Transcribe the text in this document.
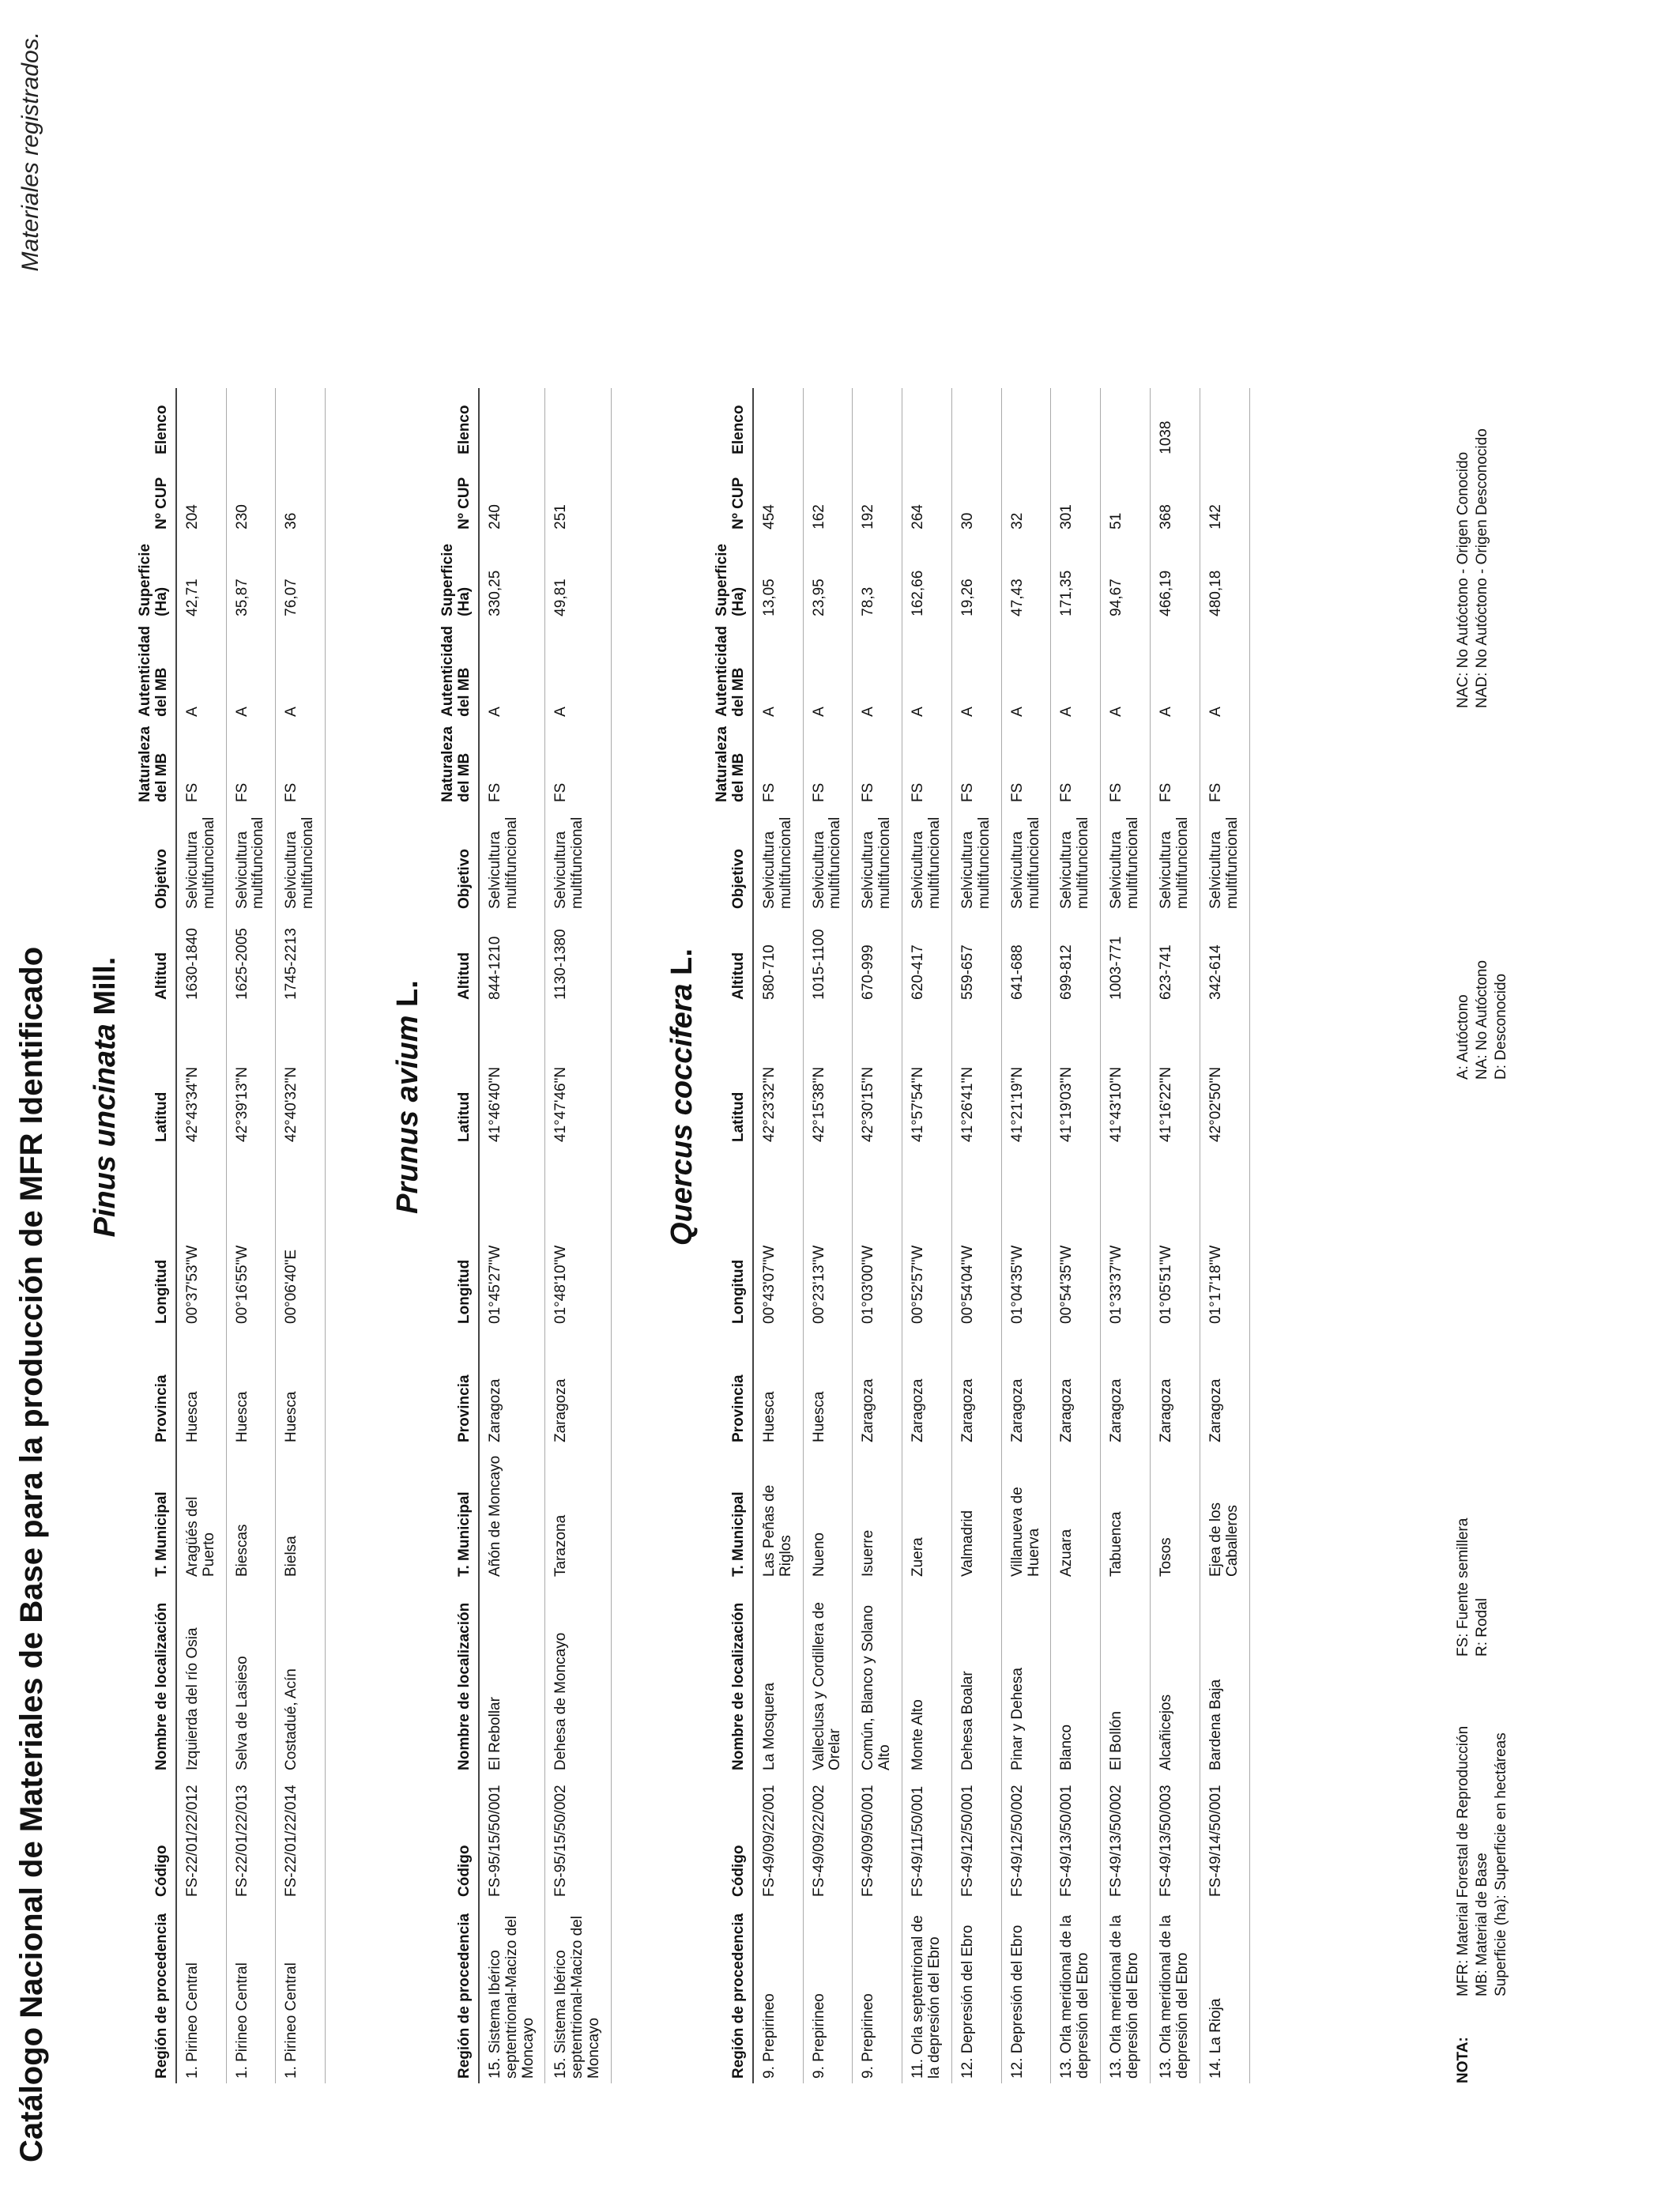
Catálogo Nacional de Materiales de Base para la producción de MFR Identificado
Materiales registrados.
Pinus uncinata Mill.
Región de procedencia	Código	Nombre de localización	T. Municipal	Provincia	Longitud	Latitud	Altitud	Objetivo	Naturaleza del MB	Autenticidad del MB	Superficie (Ha)	Nº CUP	Elenco
1. Pirineo Central	FS-22/01/22/012	Izquierda del río Osia	Aragüés del Puerto	Huesca	00°37'53"W	42°43'34"N	1630-1840	Selvicultura multifuncional	FS	A	42,71	204	
1. Pirineo Central	FS-22/01/22/013	Selva de Lasieso	Biescas	Huesca	00°16'55"W	42°39'13"N	1625-2005	Selvicultura multifuncional	FS	A	35,87	230	
1. Pirineo Central	FS-22/01/22/014	Costadué, Acín	Bielsa	Huesca	00°06'40"E	42°40'32"N	1745-2213	Selvicultura multifuncional	FS	A	76,07	36	
Prunus avium L.
Región de procedencia	Código	Nombre de localización	T. Municipal	Provincia	Longitud	Latitud	Altitud	Objetivo	Naturaleza del MB	Autenticidad del MB	Superficie (Ha)	Nº CUP	Elenco
15. Sistema Ibérico septentrional-Macizo del Moncayo	FS-95/15/50/001	El Rebollar	Añón de Moncayo	Zaragoza	01°45'27"W	41°46'40"N	844-1210	Selvicultura multifuncional	FS	A	330,25	240	
15. Sistema Ibérico septentrional-Macizo del Moncayo	FS-95/15/50/002	Dehesa de Moncayo	Tarazona	Zaragoza	01°48'10"W	41°47'46"N	1130-1380	Selvicultura multifuncional	FS	A	49,81	251	
Quercus coccifera L.
Región de procedencia	Código	Nombre de localización	T. Municipal	Provincia	Longitud	Latitud	Altitud	Objetivo	Naturaleza del MB	Autenticidad del MB	Superficie (Ha)	Nº CUP	Elenco
9. Prepirineo	FS-49/09/22/001	La Mosquera	Las Peñas de Riglos	Huesca	00°43'07"W	42°23'32"N	580-710	Selvicultura multifuncional	FS	A	13,05	454	
9. Prepirineo	FS-49/09/22/002	Valleclusa y Cordillera de Orelar	Nueno	Huesca	00°23'13"W	42°15'38"N	1015-1100	Selvicultura multifuncional	FS	A	23,95	162	
9. Prepirineo	FS-49/09/50/001	Común, Blanco y Solano Alto	Isuerre	Zaragoza	01°03'00"W	42°30'15"N	670-999	Selvicultura multifuncional	FS	A	78,3	192	
11. Orla septentrional de la depresión del Ebro	FS-49/11/50/001	Monte Alto	Zuera	Zaragoza	00°52'57"W	41°57'54"N	620-417	Selvicultura multifuncional	FS	A	162,66	264	
12. Depresión del Ebro	FS-49/12/50/001	Dehesa Boalar	Valmadrid	Zaragoza	00°54'04"W	41°26'41"N	559-657	Selvicultura multifuncional	FS	A	19,26	30	
12. Depresión del Ebro	FS-49/12/50/002	Pinar y Dehesa	Villanueva de Huerva	Zaragoza	01°04'35"W	41°21'19"N	641-688	Selvicultura multifuncional	FS	A	47,43	32	
13. Orla meridional de la depresión del Ebro	FS-49/13/50/001	Blanco	Azuara	Zaragoza	00°54'35"W	41°19'03"N	699-812	Selvicultura multifuncional	FS	A	171,35	301	
13. Orla meridional de la depresión del Ebro	FS-49/13/50/002	El Bollón	Tabuenca	Zaragoza	01°33'37"W	41°43'10"N	1003-771	Selvicultura multifuncional	FS	A	94,67	51	
13. Orla meridional de la depresión del Ebro	FS-49/13/50/003	Alcañicejos	Tosos	Zaragoza	01°05'51"W	41°16'22"N	623-741	Selvicultura multifuncional	FS	A	466,19	368	1038
14. La Rioja	FS-49/14/50/001	Bardena Baja	Ejea de los Caballeros	Zaragoza	01°17'18"W	42°02'50"N	342-614	Selvicultura multifuncional	FS	A	480,18	142	
NOTA:
MFR: Material Forestal de Reproducción MB: Material de Base Superficie (ha): Superficie en hectáreas
FS: Fuente semillera R: Rodal
A: Autóctono NA: No Autóctono D: Desconocido
NAC: No Autóctono - Origen Conocido NAD: No Autóctono - Origen Desconocido
